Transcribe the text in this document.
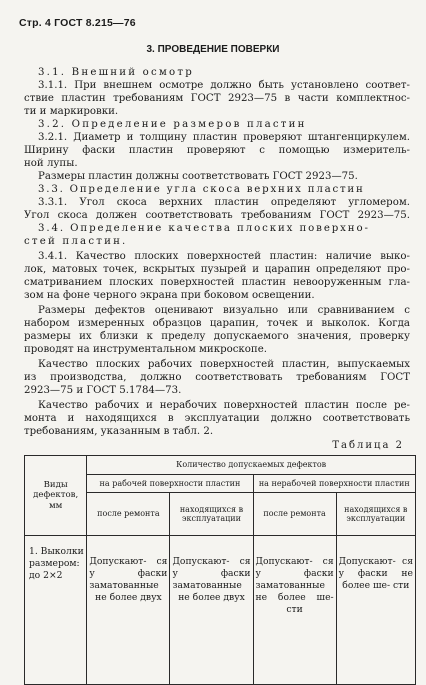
Стр. 4 ГОСТ 8.215—76
3. ПРОВЕДЕНИЕ ПОВЕРКИ
3.1. Внешний осмотр
3.1.1. При внешнем осмотре должно быть установлено соответ-
ствие пластин требованиям ГОСТ 2923—75 в части комплектнос-
ти и маркировки.
3.2. Определение размеров пластин
3.2.1. Диаметр и толщину пластин проверяют штангенциркулем.
Ширину фаски пластин проверяют с помощью измеритель-
ной лупы.
Размеры пластин должны соответствовать ГОСТ 2923—75.
3.3. Определение угла скоса верхних пластин
3.3.1. Угол скоса верхних пластин определяют угломером.
Угол скоса должен соответствовать требованиям ГОСТ 2923—75.
3.4. Определение качества плоских поверхно-
стей пластин.
3.4.1. Качество плоских поверхностей пластин: наличие выко-
лок, матовых точек, вскрытых пузырей и царапин определяют про-
сматриванием плоских поверхностей пластин невооруженным гла-
зом на фоне черного экрана при боковом освещении.
Размеры дефектов оценивают визуально или сравниванием с
набором измеренных образцов царапин, точек и выколок. Когда
размеры их близки к пределу допускаемого значения, проверку
проводят на инструментальном микроскопе.
Качество плоских рабочих поверхностей пластин, выпускаемых
из производства, должно соответствовать требованиям ГОСТ
2923—75 и ГОСТ 5.1784—73.
Качество рабочих и нерабочих поверхностей пластин после ре-
монта и находящихся в эксплуатации должно соответствовать
требованиям, указанным в табл. 2.
Таблица 2
Виды дефектов, мм	Количество допускаемых дефектов			
	на рабочей поверхности пластин		на нерабочей поверхности пластин	
	после ремонта	находящихся в эксплуатации	после ремонта	находящихся в эксплуатации
1. Выколки размером: до 2×2	Допускают- ся у фаски заматованные не более двух	Допускают- ся у фаски заматованные не более двух	Допускают- ся у фаски заматованные не более ше- сти	Допускают- ся у фаски не более ше- сти
